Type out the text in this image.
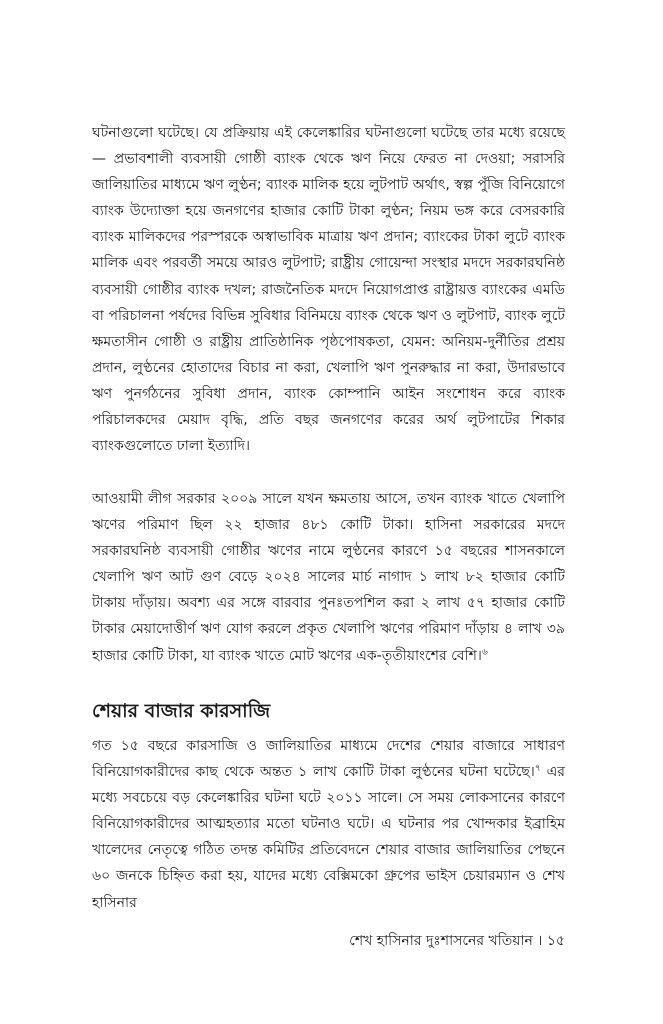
ঘটনাগুলো ঘটেছে। যে প্রক্রিয়ায় এই কেলেঙ্কারির ঘটনাগুলো ঘটেছে তার মধ্যে রয়েছে— প্রভাবশালী ব্যবসায়ী গোষ্ঠী ব্যাংক থেকে ঋণ নিয়ে ফেরত না দেওয়া; সরাসরি জালিয়াতির মাধ্যমে ঋণ লুণ্ঠন; ব্যাংক মালিক হয়ে লুটপাট অর্থাৎ, স্বল্প পুঁজি বিনিয়োগে ব্যাংক উদ্যোক্তা হয়ে জনগণের হাজার কোটি টাকা লুণ্ঠন; নিয়ম ভঙ্গ করে বেসরকারি ব্যাংক মালিকদের পরস্পরকে অস্বাভাবিক মাত্রায় ঋণ প্রদান; ব্যাংকের টাকা লুটে ব্যাংক মালিক এবং পরবর্তী সময়ে আরও লুটপাট; রাষ্ট্রীয় গোয়েন্দা সংস্থার মদদে সরকারঘনিষ্ঠ ব্যবসায়ী গোষ্ঠীর ব্যাংক দখল; রাজনৈতিক মদদে নিয়োগপ্রাপ্ত রাষ্ট্রায়ত্ত ব্যাংকের এমডি বা পরিচালনা পর্ষদের বিভিন্ন সুবিধার বিনিময়ে ব্যাংক থেকে ঋণ ও লুটপাট, ব্যাংক লুটে ক্ষমতাসীন গোষ্ঠী ও রাষ্ট্রীয় প্রাতিষ্ঠানিক পৃষ্ঠপোষকতা, যেমন: অনিয়ম-দুর্নীতির প্রশ্রয় প্রদান, লুণ্ঠনের হোতাদের বিচার না করা, খেলাপি ঋণ পুনরুদ্ধার না করা, উদারভাবে ঋণ পুনর্গঠনের সুবিধা প্রদান, ব্যাংক কোম্পানি আইন সংশোধন করে ব্যাংক পরিচালকদের মেয়াদ বৃদ্ধি, প্রতি বছর জনগণের করের অর্থ লুটপাটের শিকার ব্যাংকগুলোতে ঢালা ইত্যাদি।

আওয়ামী লীগ সরকার ২০০৯ সালে যখন ক্ষমতায় আসে, তখন ব্যাংক খাতে খেলাপি ঋণের পরিমাণ ছিল ২২ হাজার ৪৮১ কোটি টাকা। হাসিনা সরকারের মদদে সরকারঘনিষ্ঠ ব্যবসায়ী গোষ্ঠীর ঋণের নামে লুণ্ঠনের কারণে ১৫ বছরের শাসনকালে খেলাপি ঋণ আট গুণ বেড়ে ২০২৪ সালের মার্চ নাগাদ ১ লাখ ৮২ হাজার কোটি টাকায় দাঁড়ায়। অবশ্য এর সঙ্গে বারবার পুনঃতপশিল করা ২ লাখ ৫৭ হাজার কোটি টাকার মেয়াদোত্তীর্ণ ঋণ যোগ করলে প্রকৃত খেলাপি ঋণের পরিমাণ দাঁড়ায় ৪ লাখ ৩৯ হাজার কোটি টাকা, যা ব্যাংক খাতে মোট ঋণের এক-তৃতীয়াংশের বেশি।$^৬$

শেয়ার বাজার কারসাজি

গত ১৫ বছরে কারসাজি ও জালিয়াতির মাধ্যমে দেশের শেয়ার বাজারে সাধারণ বিনিয়োগকারীদের কাছ থেকে অন্তত ১ লাখ কোটি টাকা লুণ্ঠনের ঘটনা ঘটেছে।$^৭$ এর মধ্যে সবচেয়ে বড় কেলেঙ্কারির ঘটনা ঘটে ২০১১ সালে। সে সময় লোকসানের কারণে বিনিয়োগকারীদের আত্মহত্যার মতো ঘটনাও ঘটে। এ ঘটনার পর খোন্দকার ইব্রাহিম খালেদের নেতৃত্বে গঠিত তদন্ত কমিটির প্রতিবেদনে শেয়ার বাজার জালিয়াতির পেছনে ৬০ জনকে চিহ্নিত করা হয়, যাদের মধ্যে বেক্সিমকো গ্রুপের ভাইস চেয়ারম্যান ও শেখ হাসিনার

শেখ হাসিনার দুঃশাসনের খতিয়ান । ১৫
